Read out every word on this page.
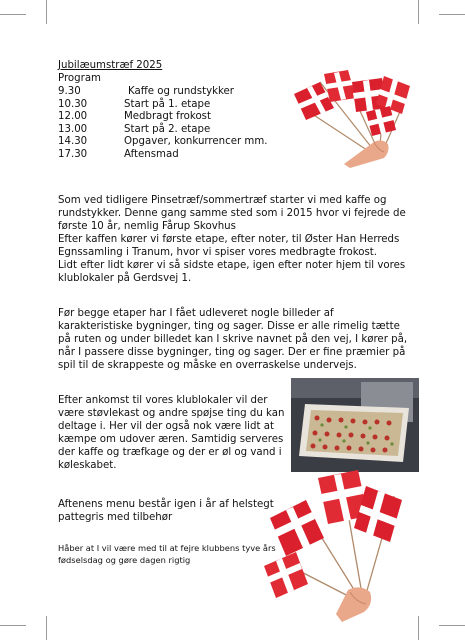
Jubilæumstræf 2025
Program
9.30	Kaffe og rundstykker
10.30	Start på 1. etape
12.00	Medbragt frokost
13.00	Start på 2. etape
14.30	Opgaver, konkurrencer mm.
17.30	Aftensmad

Som ved tidligere Pinsetræf/sommertræf starter vi med kaffe og rundstykker. Denne gang samme sted som i 2015 hvor vi fejrede de første 10 år, nemlig Fårup Skovhus
Efter kaffen kører vi første etape, efter noter, til Øster Han Herreds Egnssamling i Tranum, hvor vi spiser vores medbragte frokost.
Lidt efter lidt kører vi så sidste etape, igen efter noter hjem til vores klublokaler på Gerdsvej 1.

Før begge etaper har I fået udleveret nogle billeder af karakteristiske bygninger, ting og sager. Disse er alle rimelig tætte på ruten og under billedet kan I skrive navnet på den vej, I kører på, når I passere disse bygninger, ting og sager. Der er fine præmier på spil til de skrappeste og måske en overraskelse undervejs.

Efter ankomst til vores klublokaler vil der være støvlekast og andre spøjse ting du kan deltage i. Her vil der også nok være lidt at kæmpe om udover æren. Samtidig serveres der kaffe og træfkage og der er øl og vand i køleskabet.

Aftenens menu består igen i år af helstegt pattegris med tilbehør

Håber at I vil være med til at fejre klubbens tyve års fødselsdag og gøre dagen rigtig
